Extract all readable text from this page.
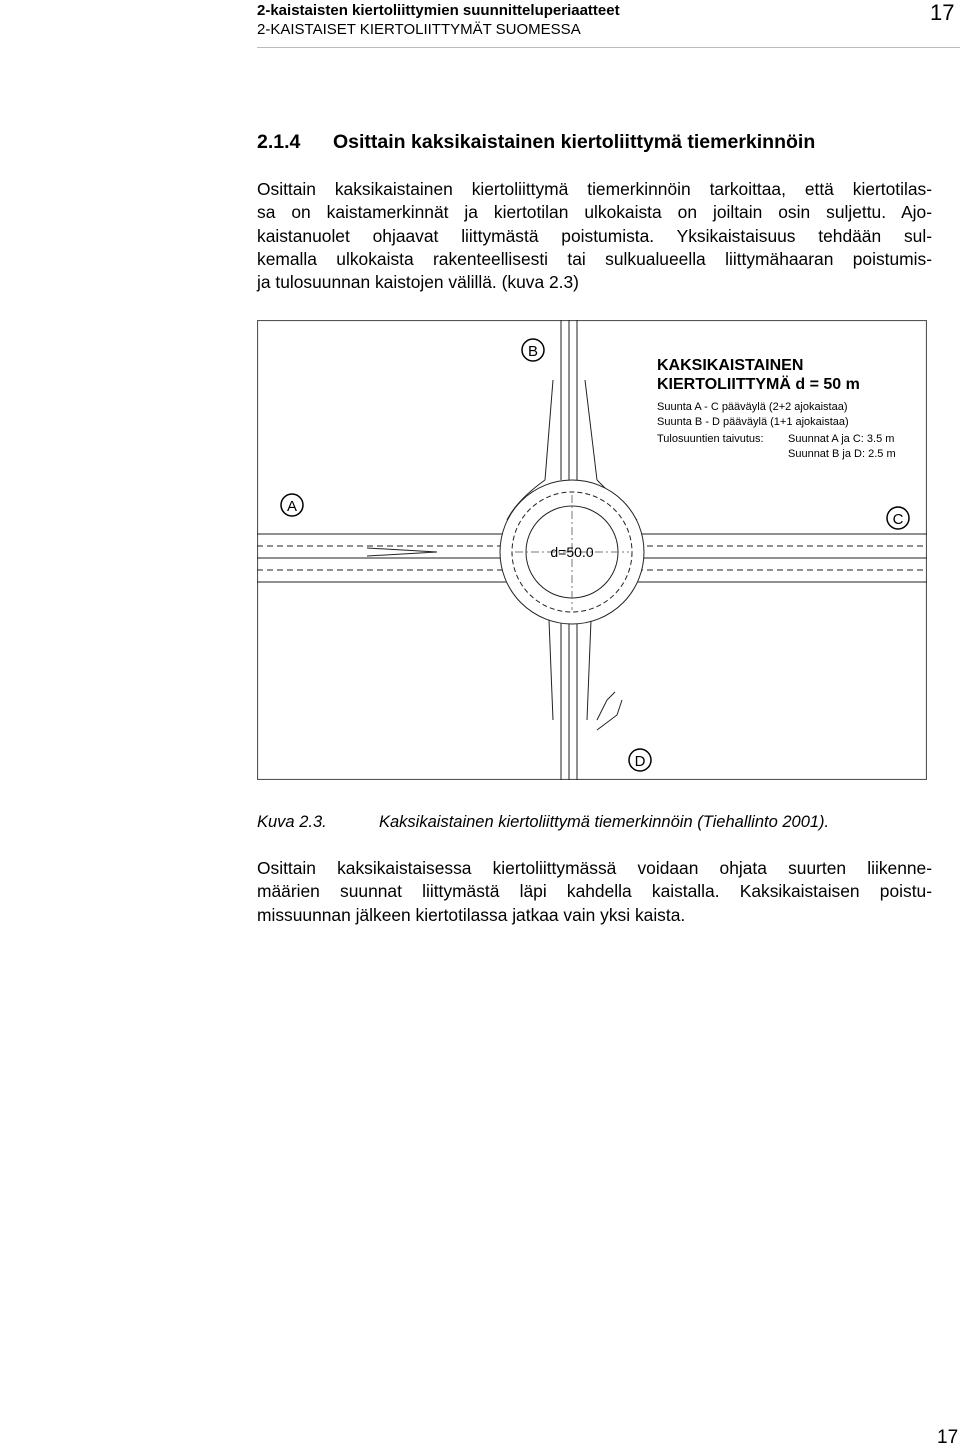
2-kaistaisten kiertoliittymien suunnitteluperiaatteet
2-KAISTAISET KIERTOLIITTYMÄT SUOMESSA
17
2.1.4 Osittain kaksikaistainen kiertoliittymä tiemerkinnöin
Osittain kaksikaistainen kiertoliittymä tiemerkinnöin tarkoittaa, että kiertotilas-
sa on kaistamerkinnät ja kiertotilan ulkokaista on joiltain osin suljettu. Ajo-
kaistanuolet ohjaavat liittymästä poistumista. Yksikaistaisuus tehdään sul-
kemalla ulkokaista rakenteellisesti tai sulkualueella liittymähaaran poistumis-
ja tulosuunnan kaistojen välillä. (kuva 2.3)
B
A
C
D
d=50.0
KAKSIKAISTAINEN
KIERTOLIITTYMÄ d = 50 m
Suunta A - C pääväylä (2+2 ajokaistaa)
Suunta B - D pääväylä (1+1 ajokaistaa)
Tulosuuntien taivutus: Suunnat A ja C: 3.5 m
Suunnat B ja D: 2.5 m
Kuva 2.3.	Kaksikaistainen kiertoliittymä tiemerkinnöin (Tiehallinto 2001).
Osittain kaksikaistaisessa kiertoliittymässä voidaan ohjata suurten liikenne-
määrien suunnat liittymästä läpi kahdella kaistalla. Kaksikaistaisen poistu-
missuunnan jälkeen kiertotilassa jatkaa vain yksi kaista.
17
